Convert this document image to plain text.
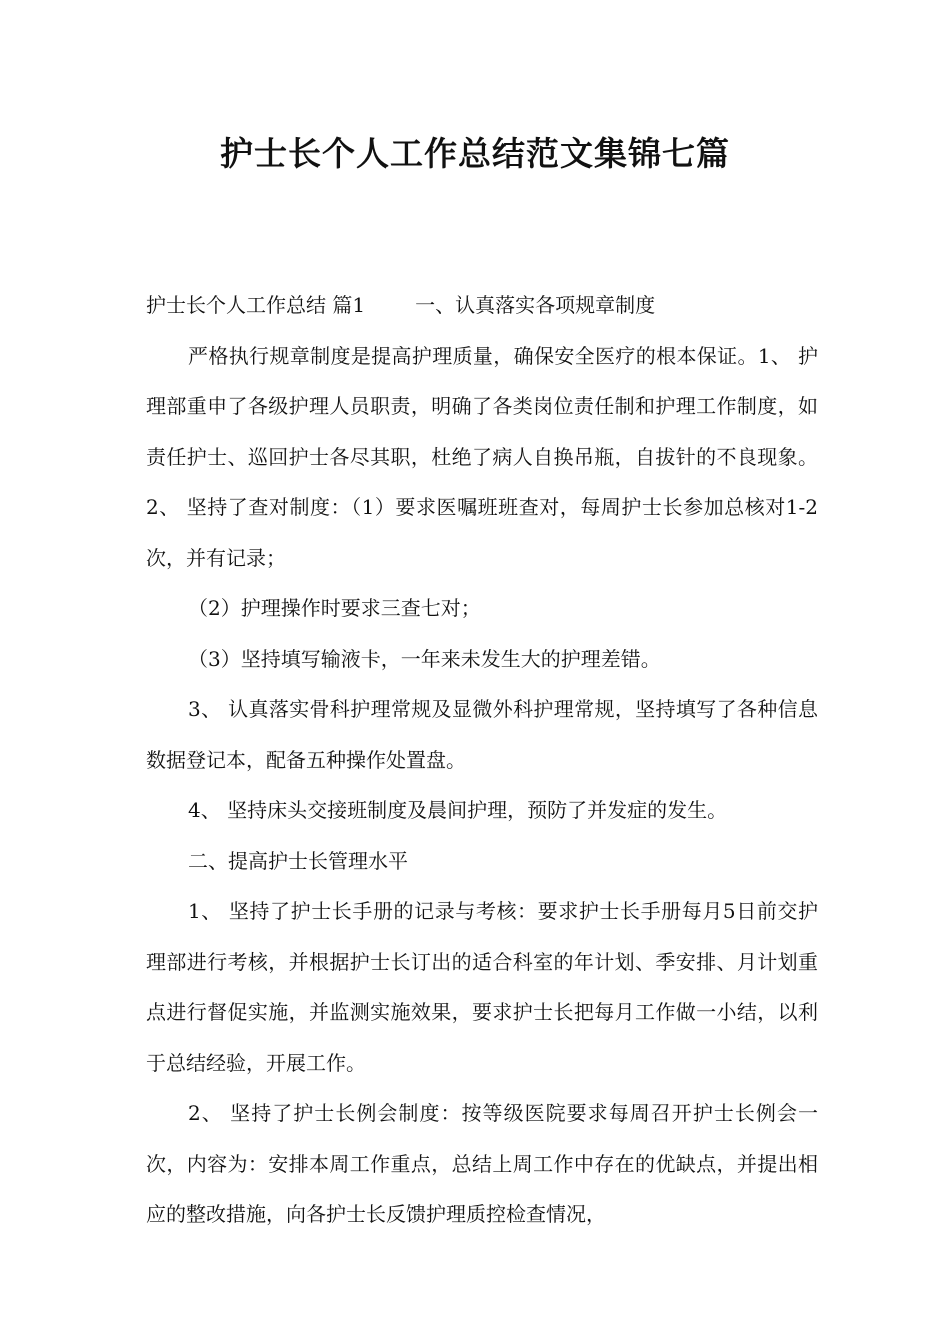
护士长个人工作总结范文集锦七篇

护士长个人工作总结 篇1	一、认真落实各项规章制度

严格执行规章制度是提高护理质量，确保安全医疗的根本保证。1、 护理部重申了各级护理人员职责，明确了各类岗位责任制和护理工作制度，如责任护士、巡回护士各尽其职，杜绝了病人自换吊瓶，自拔针的不良现象。2、 坚持了查对制度：（1）要求医嘱班班查对，每周护士长参加总核对1-2次，并有记录；

（2）护理操作时要求三查七对；

（3）坚持填写输液卡，一年来未发生大的护理差错。

3、 认真落实骨科护理常规及显微外科护理常规，坚持填写了各种信息数据登记本，配备五种操作处置盘。

4、 坚持床头交接班制度及晨间护理，预防了并发症的发生。

二、提高护士长管理水平

1、 坚持了护士长手册的记录与考核：要求护士长手册每月5日前交护理部进行考核，并根据护士长订出的适合科室的年计划、季安排、月计划重点进行督促实施，并监测实施效果，要求护士长把每月工作做一小结，以利于总结经验，开展工作。

2、 坚持了护士长例会制度：按等级医院要求每周召开护士长例会一次，内容为：安排本周工作重点，总结上周工作中存在的优缺点，并提出相应的整改措施，向各护士长反馈护理质控检查情况，
